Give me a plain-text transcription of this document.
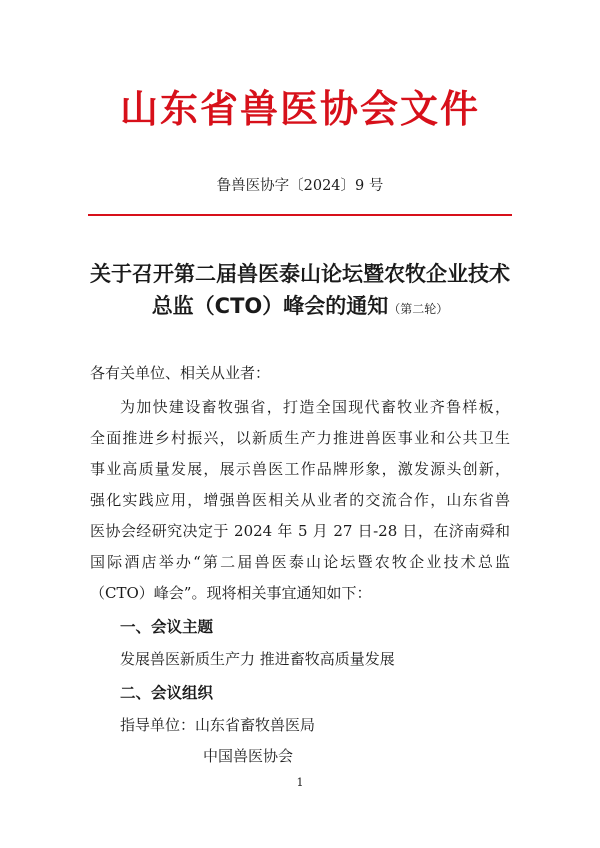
山东省兽医协会文件
鲁兽医协字〔2024〕9 号
关于召开第二届兽医泰山论坛暨农牧企业技术
总监（CTO）峰会的通知（第二轮）
各有关单位、相关从业者：
为加快建设畜牧强省，打造全国现代畜牧业齐鲁样板，
全面推进乡村振兴，以新质生产力推进兽医事业和公共卫生
事业高质量发展，展示兽医工作品牌形象，激发源头创新，
强化实践应用，增强兽医相关从业者的交流合作，山东省兽
医协会经研究决定于 2024 年 5 月 27 日-28 日，在济南舜和
国际酒店举办“第二届兽医泰山论坛暨农牧企业技术总监
（CTO）峰会”。现将相关事宜通知如下：
一、会议主题
发展兽医新质生产力 推进畜牧高质量发展
二、会议组织
指导单位：山东省畜牧兽医局
中国兽医协会
1
